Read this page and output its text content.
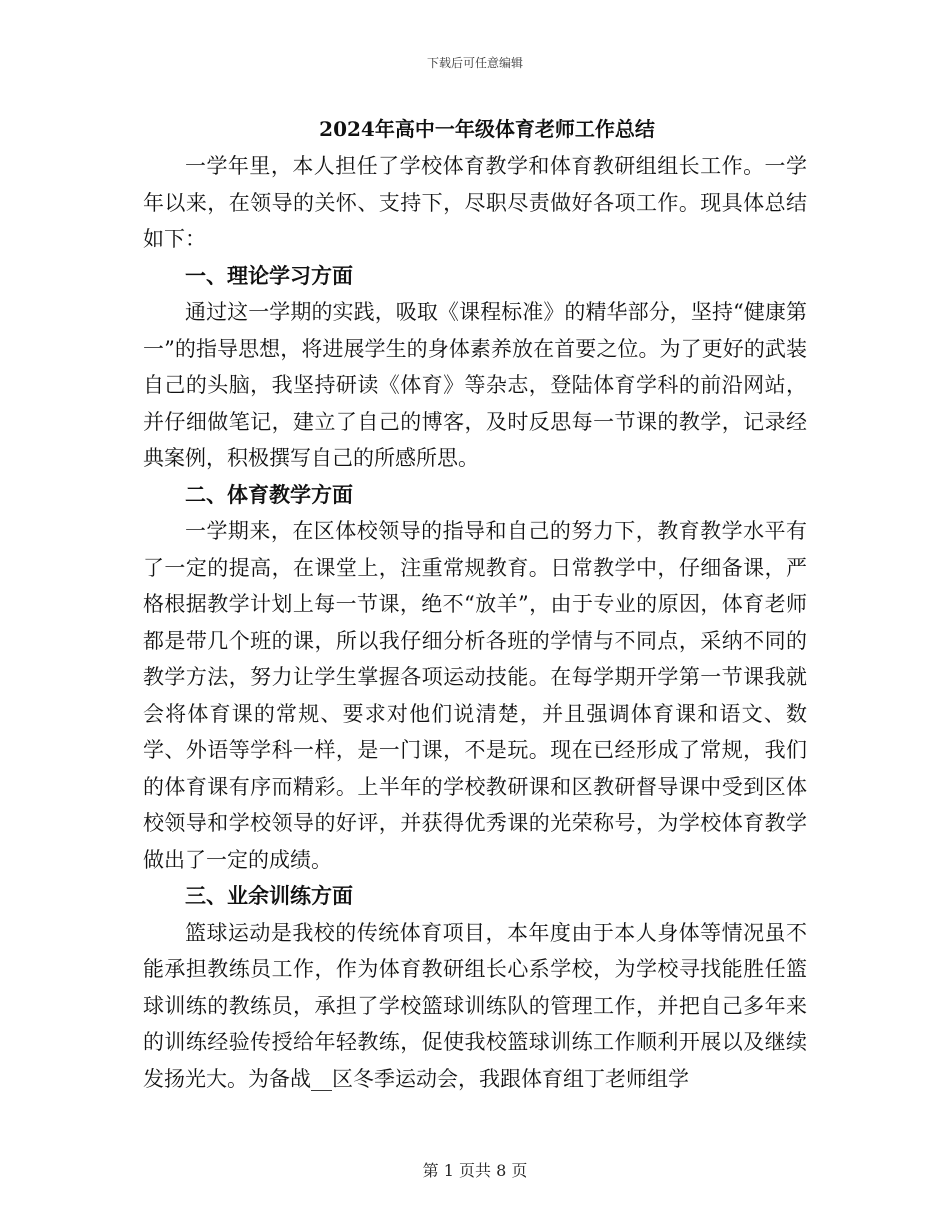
下载后可任意编辑
2024年高中一年级体育老师工作总结

一学年里，本人担任了学校体育教学和体育教研组组长工作。一学年以来，在领导的关怀、支持下，尽职尽责做好各项工作。现具体总结如下：

一、理论学习方面

通过这一学期的实践，吸取《课程标准》的精华部分，坚持“健康第一”的指导思想，将进展学生的身体素养放在首要之位。为了更好的武装自己的头脑，我坚持研读《体育》等杂志，登陆体育学科的前沿网站，并仔细做笔记，建立了自己的博客，及时反思每一节课的教学，记录经典案例，积极撰写自己的所感所思。

二、体育教学方面

一学期来，在区体校领导的指导和自己的努力下，教育教学水平有了一定的提高，在课堂上，注重常规教育。日常教学中，仔细备课，严格根据教学计划上每一节课，绝不“放羊”，由于专业的原因，体育老师都是带几个班的课，所以我仔细分析各班的学情与不同点，采纳不同的教学方法，努力让学生掌握各项运动技能。在每学期开学第一节课我就会将体育课的常规、要求对他们说清楚，并且强调体育课和语文、数学、外语等学科一样，是一门课，不是玩。现在已经形成了常规，我们的体育课有序而精彩。上半年的学校教研课和区教研督导课中受到区体校领导和学校领导的好评，并获得优秀课的光荣称号，为学校体育教学做出了一定的成绩。

三、业余训练方面

篮球运动是我校的传统体育项目，本年度由于本人身体等情况虽不能承担教练员工作，作为体育教研组长心系学校，为学校寻找能胜任篮球训练的教练员，承担了学校篮球训练队的管理工作，并把自己多年来的训练经验传授给年轻教练，促使我校篮球训练工作顺利开展以及继续发扬光大。为备战__区冬季运动会，我跟体育组丁老师组学

第 1 页共 8 页
